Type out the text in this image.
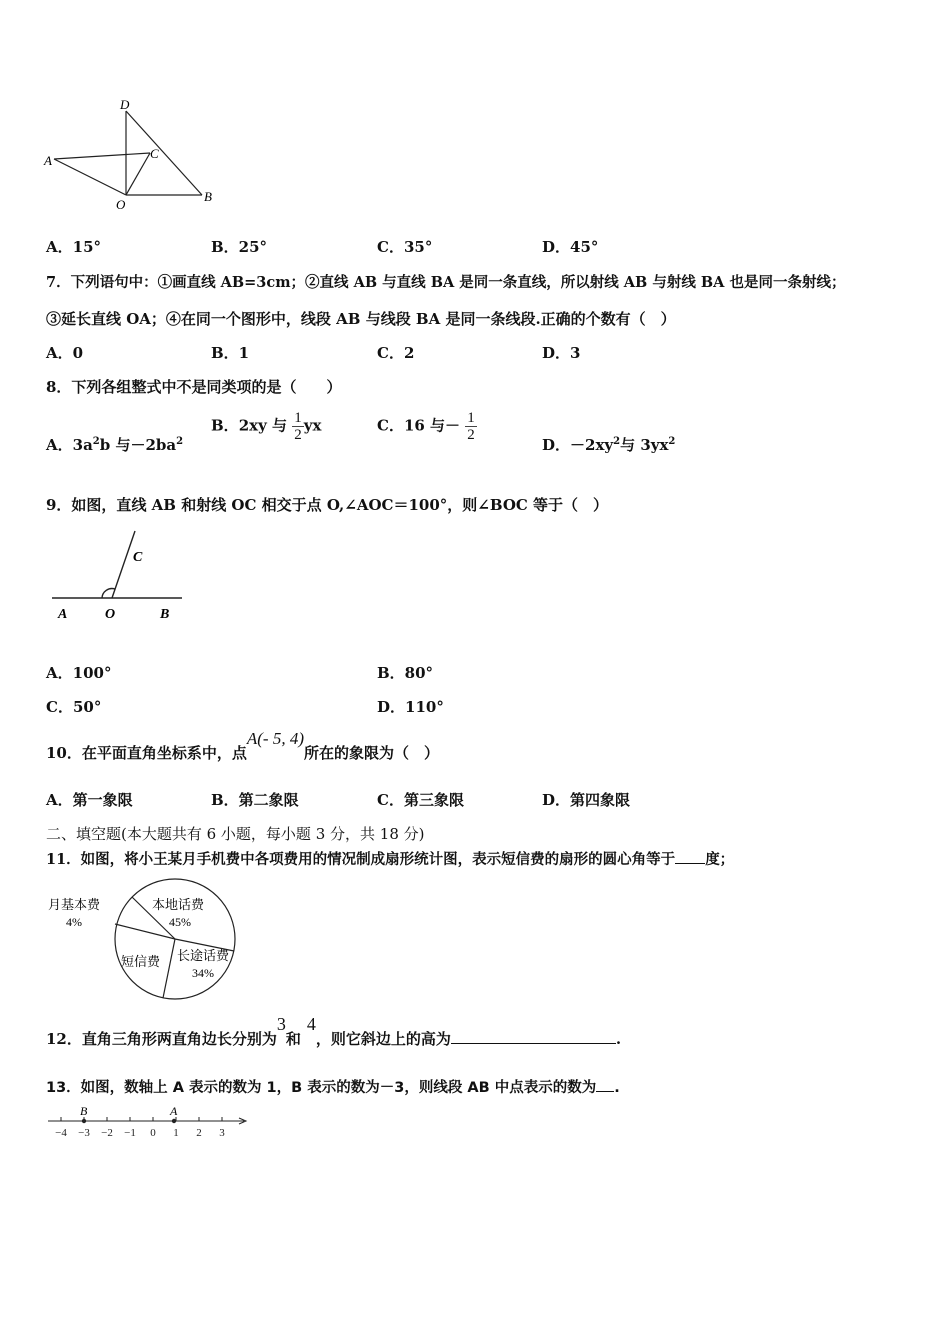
D
A	C
O
B
A．15°	B．25°	C．35°	D．45°
7．下列语句中：①画直线 AB=3cm；②直线 AB 与直线 BA 是同一条直线，所以射线 AB 与射线 BA 也是同一条射线；
③延长直线 OA；④在同一个图形中，线段 AB 与线段 BA 是同一条线段.正确的个数有（　）
A．0	B．1	C．2	D．3
8．下列各组整式中不是同类项的是（　　）
A．$3a^2b$ 与$-2ba^2$
B．2xy 与 $\frac{1}{2}$ yx	C．16 与－ $\frac{1}{2}$
D．$-2xy^2$与 $3yx^2$
9．如图，直线 AB 和射线 OC 相交于点 O,∠AOC＝100°，则∠BOC 等于（　）
C
A	O	B
A．100°	B．80°
C．50°	D．110°
10．在平面直角坐标系中，点A(- 5, 4)所在的象限为（　）
A．第一象限	B．第二象限	C．第三象限	D．第四象限
二、填空题(本大题共有 6 小题，每小题 3 分，共 18 分)
11．如图，将小王某月手机费中各项费用的情况制成扇形统计图，表示短信费的扇形的圆心角等于 度；
月基本费
4%
本地话费
45%
短信费 长途话费
34%
12．直角三角形两直角边长分别为3和4，则它斜边上的高为	.
13．如图，数轴上 A 表示的数为 1，B 表示的数为－3，则线段 AB 中点表示的数为 .
−4 −3 −2 −1 0 1 2 3
B	A
